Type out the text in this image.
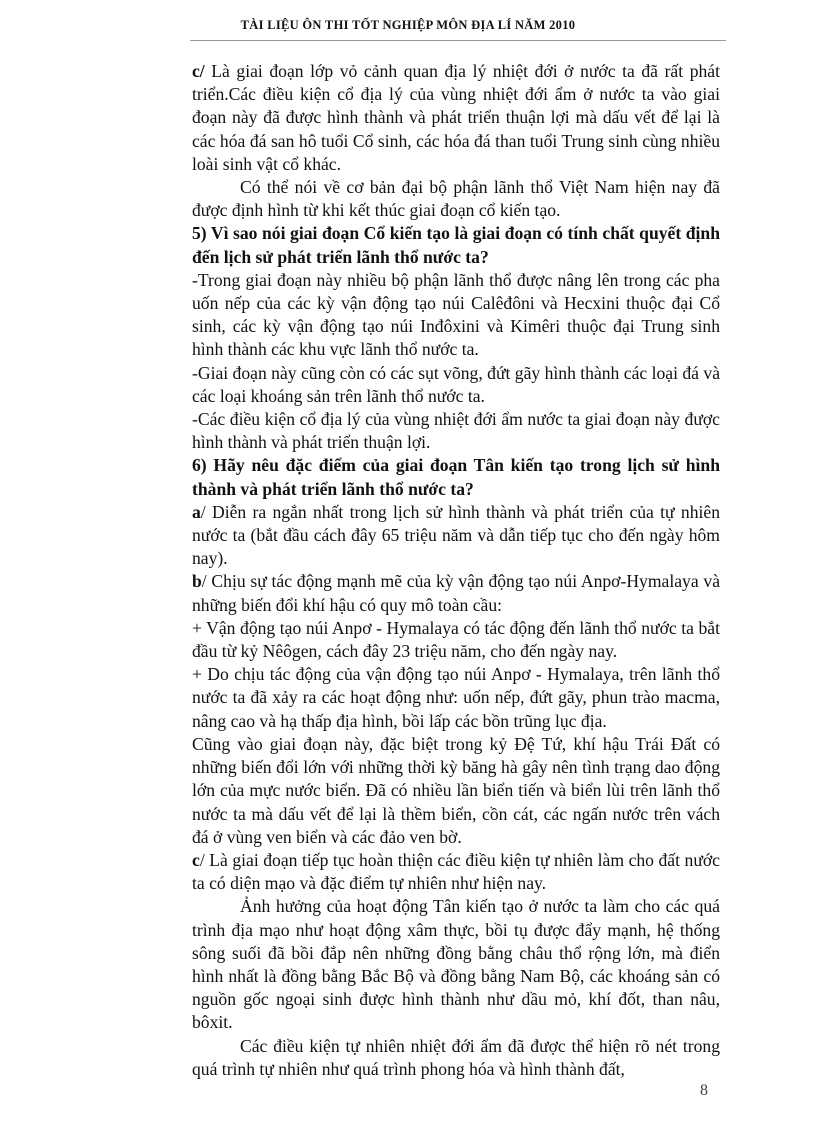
TÀI LIỆU ÔN THI TỐT NGHIỆP MÔN ĐỊA LÍ NĂM 2010

c/ Là giai đoạn lớp vỏ cảnh quan địa lý nhiệt đới ở nước ta đã rất phát triển.Các điều kiện cổ địa lý của vùng nhiệt đới ẩm ở nước ta vào giai đoạn này đã được hình thành và phát triển thuận lợi mà dấu vết để lại là các hóa đá san hô tuổi Cổ sinh, các hóa đá than tuổi Trung sinh cùng nhiều loài sinh vật cổ khác.

Có thể nói về cơ bản đại bộ phận lãnh thổ Việt Nam hiện nay đã được định hình từ khi kết thúc giai đoạn cổ kiến tạo.

5) Vì sao nói giai đoạn Cổ kiến tạo là giai đoạn có tính chất quyết định đến lịch sử phát triển lãnh thổ nước ta?

-Trong giai đoạn này nhiều bộ phận lãnh thổ được nâng lên trong các pha uốn nếp của các kỳ vận động tạo núi Calêđôni và Hecxini thuộc đại Cổ sinh, các kỳ vận động tạo núi Inđôxini và Kimêri thuộc đại Trung sinh hình thành các khu vực lãnh thổ nước ta.

-Giai đoạn này cũng còn có các sụt võng, đứt gãy hình thành các loại đá và các loại khoáng sản trên lãnh thổ nước ta.

-Các điều kiện cổ địa lý của vùng nhiệt đới ẩm nước ta giai đoạn này được hình thành và phát triển thuận lợi.

6) Hãy nêu đặc điểm của giai đoạn Tân kiến tạo trong lịch sử hình thành và phát triển lãnh thổ nước ta?

a/ Diễn ra ngắn nhất trong lịch sử hình thành và phát triển của tự nhiên nước ta (bắt đầu cách đây 65 triệu năm và dẫn tiếp tục cho đến ngày hôm nay).

b/ Chịu sự tác động mạnh mẽ của kỳ vận động tạo núi Anpơ-Hymalaya và những biến đổi khí hậu có quy mô toàn cầu:

+ Vận động tạo núi Anpơ - Hymalaya có tác động đến lãnh thổ nước ta bắt đầu từ kỷ Nêôgen, cách đây 23 triệu năm, cho đến ngày nay.

+ Do chịu tác động của vận động tạo núi Anpơ - Hymalaya, trên lãnh thổ nước ta đã xảy ra các hoạt động như: uốn nếp, đứt gãy, phun trào macma, nâng cao và hạ thấp địa hình, bồi lấp các bồn trũng lục địa.

Cũng vào giai đoạn này, đặc biệt trong kỷ Đệ Tứ, khí hậu Trái Đất có những biến đổi lớn với những thời kỳ băng hà gây nên tình trạng dao động lớn của mực nước biển. Đã có nhiều lần biển tiến và biển lùi trên lãnh thổ nước ta mà dấu vết để lại là thềm biển, cồn cát, các ngấn nước trên vách đá ở vùng ven biển và các đảo ven bờ.

c/ Là giai đoạn tiếp tục hoàn thiện các điều kiện tự nhiên làm cho đất nước ta có diện mạo và đặc điểm tự nhiên như hiện nay.

Ảnh hưởng của hoạt động Tân kiến tạo ở nước ta làm cho các quá trình địa mạo như hoạt động xâm thực, bồi tụ được đẩy mạnh, hệ thống sông suối đã bồi đắp nên những đồng bằng châu thổ rộng lớn, mà điển hình nhất là đồng bằng Bắc Bộ và đồng bằng Nam Bộ, các khoáng sản có nguồn gốc ngoại sinh được hình thành như dầu mỏ, khí đốt, than nâu, bôxit.

Các điều kiện tự nhiên nhiệt đới ẩm đã được thể hiện rõ nét trong quá trình tự nhiên như quá trình phong hóa và hình thành đất,

8
